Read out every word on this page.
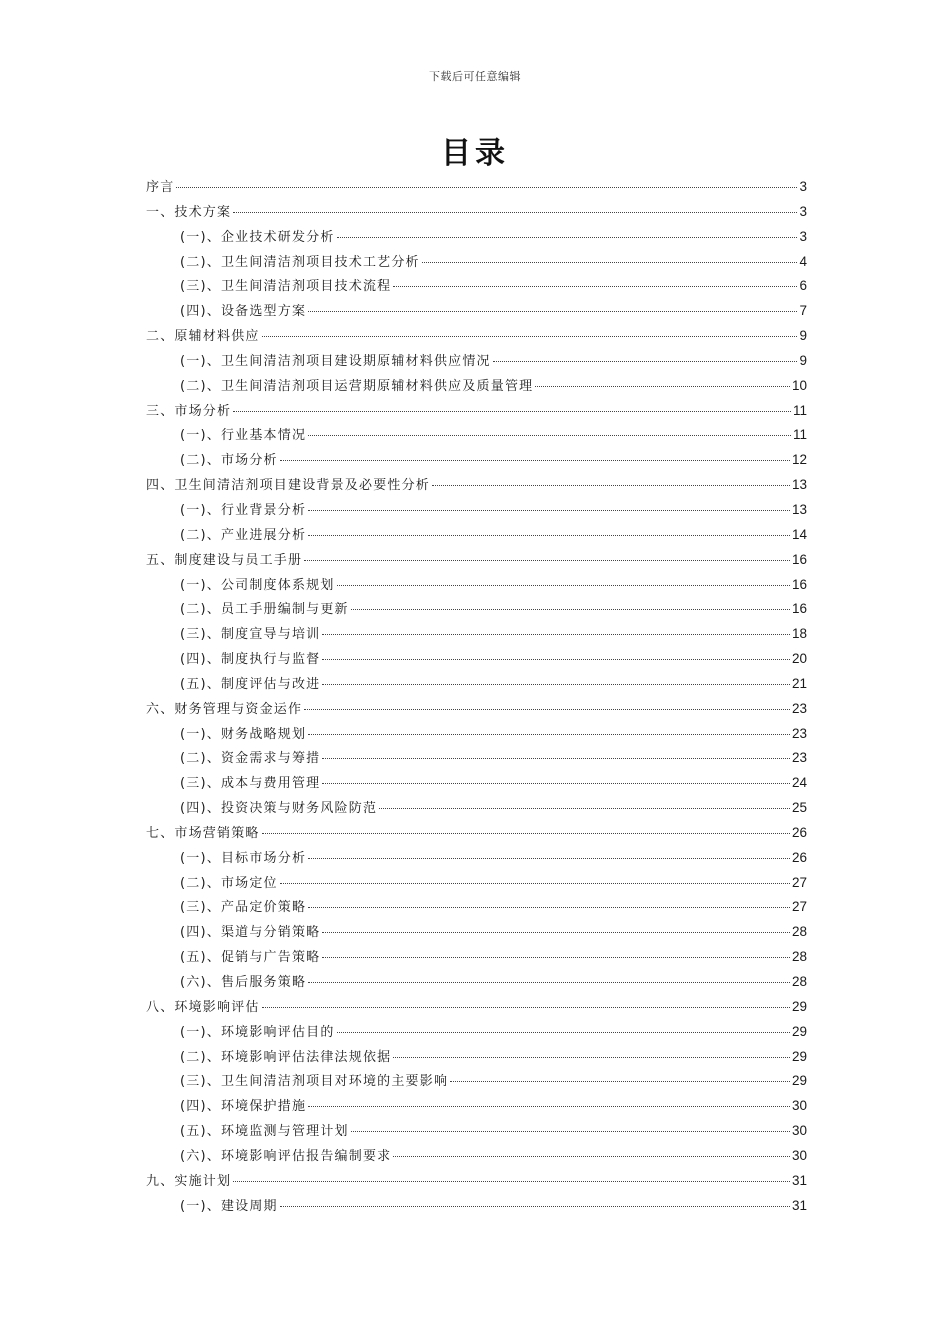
下载后可任意编辑
目录
序言	3
一、技术方案	3
(一)、企业技术研发分析	3
(二)、卫生间清洁剂项目技术工艺分析	4
(三)、卫生间清洁剂项目技术流程	6
(四)、设备选型方案	7
二、原辅材料供应	9
(一)、卫生间清洁剂项目建设期原辅材料供应情况	9
(二)、卫生间清洁剂项目运营期原辅材料供应及质量管理	10
三、市场分析	11
(一)、行业基本情况	11
(二)、市场分析	12
四、卫生间清洁剂项目建设背景及必要性分析	13
(一)、行业背景分析	13
(二)、产业进展分析	14
五、制度建设与员工手册	16
(一)、公司制度体系规划	16
(二)、员工手册编制与更新	16
(三)、制度宣导与培训	18
(四)、制度执行与监督	20
(五)、制度评估与改进	21
六、财务管理与资金运作	23
(一)、财务战略规划	23
(二)、资金需求与筹措	23
(三)、成本与费用管理	24
(四)、投资决策与财务风险防范	25
七、市场营销策略	26
(一)、目标市场分析	26
(二)、市场定位	27
(三)、产品定价策略	27
(四)、渠道与分销策略	28
(五)、促销与广告策略	28
(六)、售后服务策略	28
八、环境影响评估	29
(一)、环境影响评估目的	29
(二)、环境影响评估法律法规依据	29
(三)、卫生间清洁剂项目对环境的主要影响	29
(四)、环境保护措施	30
(五)、环境监测与管理计划	30
(六)、环境影响评估报告编制要求	30
九、实施计划	31
(一)、建设周期	31
